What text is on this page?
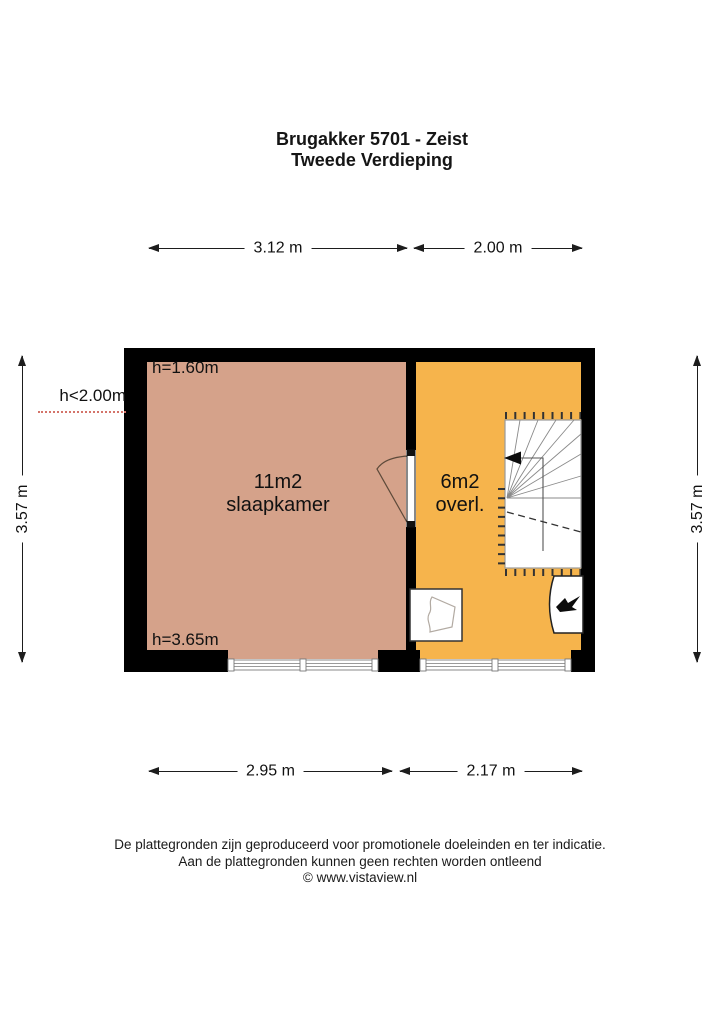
Brugakker 5701 - Zeist
Tweede Verdieping
3.12 m	2.00 m
3.57 m	3.57 m
h=1.60m
h=3.65m
h<2.00m
11m2
slaapkamer
6m2
overl.
2.95 m	2.17 m
De plattegronden zijn geproduceerd voor promotionele doeleinden en ter indicatie.
Aan de plattegronden kunnen geen rechten worden ontleend
© www.vistaview.nl
